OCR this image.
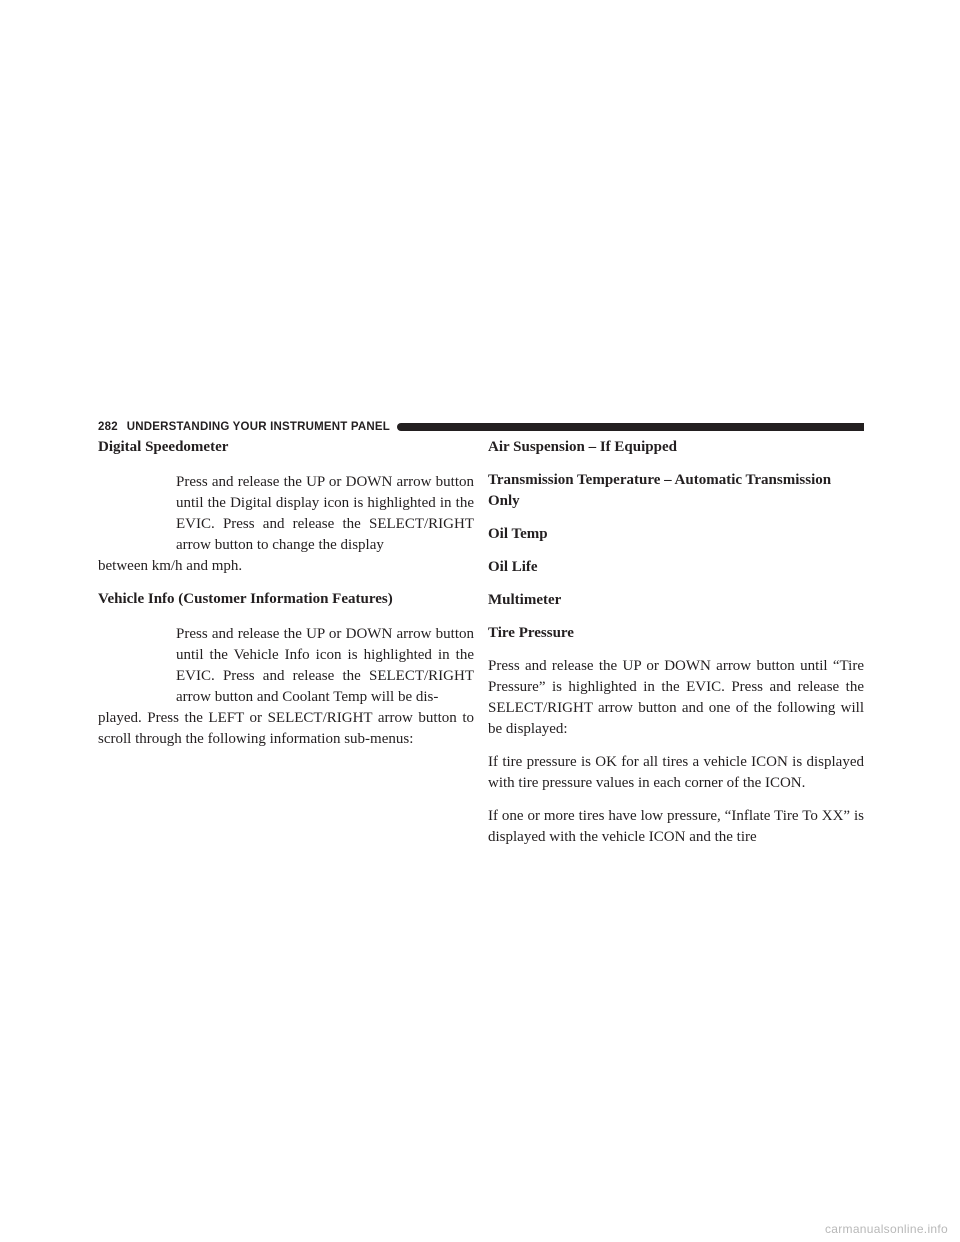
282 UNDERSTANDING YOUR INSTRUMENT PANEL
Digital Speedometer

Press and release the UP or DOWN arrow button until the Digital display icon is highlighted in the EVIC. Press and release the SELECT/RIGHT arrow button to change the display

between km/h and mph.

Vehicle Info (Customer Information Features)

Press and release the UP or DOWN arrow button until the Vehicle Info icon is highlighted in the EVIC. Press and release the SELECT/RIGHT arrow button and Coolant Temp will be dis-

played. Press the LEFT or SELECT/RIGHT arrow button to scroll through the following information sub-menus:

Air Suspension – If Equipped
Transmission Temperature – Automatic Transmission Only
Oil Temp
Oil Life
Multimeter
Tire Pressure

Press and release the UP or DOWN arrow button until “Tire Pressure” is highlighted in the EVIC. Press and release the SELECT/RIGHT arrow button and one of the following will be displayed:

If tire pressure is OK for all tires a vehicle ICON is displayed with tire pressure values in each corner of the ICON.

If one or more tires have low pressure, “Inflate Tire To XX” is displayed with the vehicle ICON and the tire

carmanualsonline.info
